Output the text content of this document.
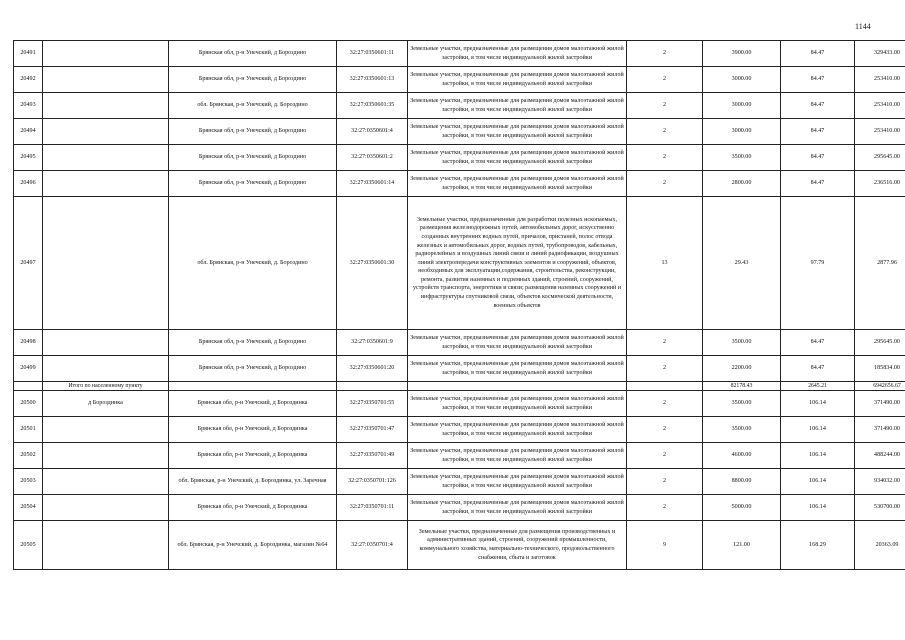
1144
20491		Брянская обл, р-н Унечский, д Бороздино	32:27:0350601:11	Земельные участки, предназначенные для размещения домов малоэтажной жилой застройки, в том числе индивидуальной жилой застройки	2	3900.00	84.47	329433.00
20492		Брянская обл, р-н Унечский, д Бороздино	32:27:0350601:13	Земельные участки, предназначенные для размещения домов малоэтажной жилой застройки, в том числе индивидуальной жилой застройки	2	3000.00	84.47	253410.00
20493		обл. Брянская, р-н Унечский, д. Бороздино	32:27:0350601:35	Земельные участки, предназначенные для размещения домов малоэтажной жилой застройки, в том числе индивидуальной жилой застройки	2	3000.00	84.47	253410.00
20494		Брянская обл, р-н Унечский, д Бороздино	32:27:0350601:4	Земельные участки, предназначенные для размещения домов малоэтажной жилой застройки, в том числе индивидуальной жилой застройки	2	3000.00	84.47	253410.00
20495		Брянская обл, р-н Унечский, д Бороздино	32:27:0350601:2	Земельные участки, предназначенные для размещения домов малоэтажной жилой застройки, в том числе индивидуальной жилой застройки	2	3500.00	84.47	295645.00
20496		Брянская обл, р-н Унечский, д Бороздино	32:27:0350601:14	Земельные участки, предназначенные для размещения домов малоэтажной жилой застройки, в том числе индивидуальной жилой застройки	2	2800.00	84.47	236516.00
20497		обл. Брянская, р-н Унечский, д. Бороздино	32:27:0350601:30	Земельные участки, предназначенные для разработки полезных ископаемых, размещения железнодорожных путей, автомобильных дорог, искусственно созданных внутренних водных путей, причалов, пристаней, полос отвода железных и автомобильных дорог, водных путей, трубопроводов, кабельных, радиорелейных и воздушных линий связи и линий радиофикации, воздушных линий электропередачи конструктивных элементов и сооружений, объектов, необходимых для эксплуатации,содержания, строительства, реконструкции, ремонта, развития наземных и подземных зданий, строений, сооружений, устройств транспорта, энергетики и связи; размещения наземных сооружений и инфраструктуры спутниковой связи, объектов космической деятельности, военных объектов	13	29.43	97.79	2877.96
20498		Брянская обл, р-н Унечский, д Бороздино	32:27:0350601:9	Земельные участки, предназначенные для размещения домов малоэтажной жилой застройки, в том числе индивидуальной жилой застройки	2	3500.00	84.47	295645.00
20499		Брянская обл, р-н Унечский, д Бороздино	32:27:0350601:20	Земельные участки, предназначенные для размещения домов малоэтажной жилой застройки, в том числе индивидуальной жилой застройки	2	2200.00	84.47	185834.00
	Итого по населенному пункту					82178.43	2645.21	6942656.67
20500	д Бороздинка	Брянская обл, р-н Унечский, д Бороздинка	32:27:0350701:55	Земельные участки, предназначенные для размещения домов малоэтажной жилой застройки, в том числе индивидуальной жилой застройки	2	3500.00	106.14	371490.00
20501		Брянская обл, р-н Унечский, д Бороздинка	32:27:0350701:47	Земельные участки, предназначенные для размещения домов малоэтажной жилой застройки, в том числе индивидуальной жилой застройки	2	3500.00	106.14	371490.00
20502		Брянская обл, р-н Унечский, д Бороздинка	32:27:0350701:49	Земельные участки, предназначенные для размещения домов малоэтажной жилой застройки, в том числе индивидуальной жилой застройки	2	4600.00	106.14	488244.00
20503		обл. Брянская, р-н Унечский, д. Бороздинка, ул. Заречная	32:27:0350701:126	Земельные участки, предназначенные для размещения домов малоэтажной жилой застройки, в том числе индивидуальной жилой застройки	2	8800.00	106.14	934032.00
20504		Брянская обл, р-н Унечский, д Бороздинка	32:27:0350701:11	Земельные участки, предназначенные для размещения домов малоэтажной жилой застройки, в том числе индивидуальной жилой застройки	2	5000.00	106.14	530700.00
20505		обл. Брянская, р-н Унечский, д. Бороздинка, магазин №64	32:27:0350701:4	Земельные участки, предназначенные для размещения производственных и административных зданий, строений, сооружений промышленности, коммунального хозяйства, материально-технического, продовольственного снабжения, сбыта и заготовок	9	121.00	168.29	20363.09
